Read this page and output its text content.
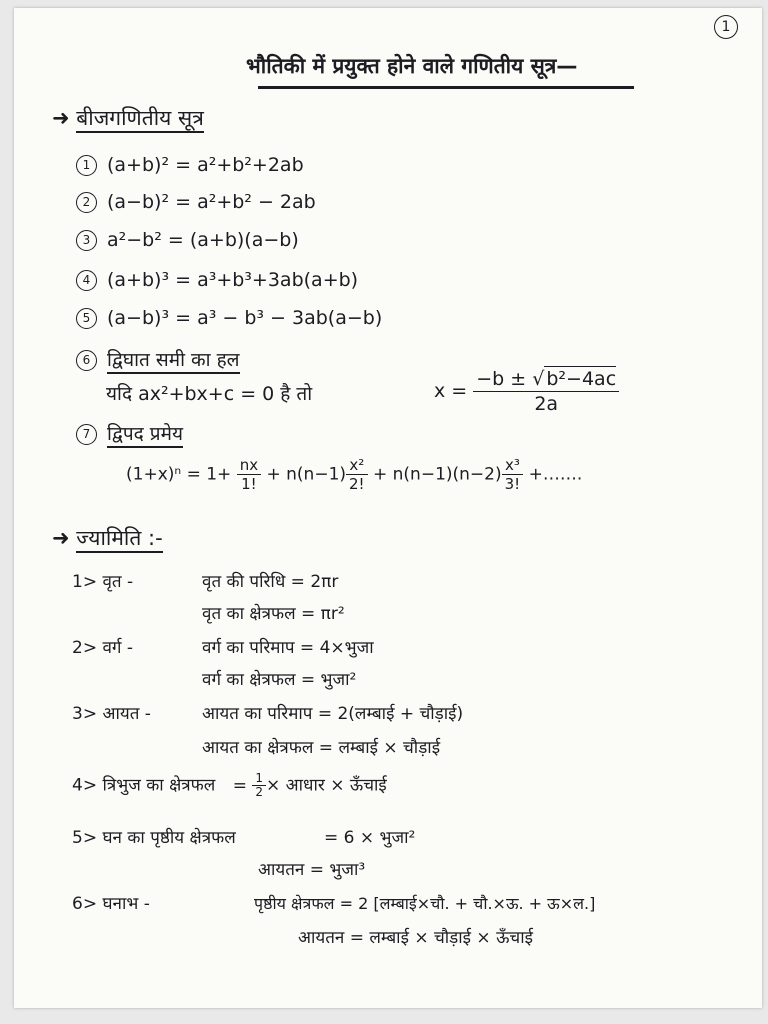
1
भौतिकी में प्रयुक्त होने वाले गणितीय सूत्र—
➜ बीजगणितीय सूत्र
1 (a+b)² = a²+b²+2ab
2 (a−b)² = a²+b² − 2ab
3 a²−b² = (a+b)(a−b)
4 (a+b)³ = a³+b³+3ab(a+b)
5 (a−b)³ = a³ − b³ − 3ab(a−b)
6 द्विघात समी का हल
यदि ax²+bx+c = 0 है तो	$x = \frac{\text{−b ± √ b²−4ac}}{2a}$
7 द्विपद प्रमेय
$(1+x)^n = 1+ \frac{nx}{1!} + n(n-1) \frac{\text{x²}}{2!} + n(n-1)(n-2) \frac{\text{x³}}{3!}$ +…….
➜ ज्यामिति :-
1> वृत -	वृत की परिधि = 2πr
वृत का क्षेत्रफल = πr²
2> वर्ग -	वर्ग का परिमाप = 4×भुजा
वर्ग का क्षेत्रफल = भुजा²
3> आयत -	आयत का परिमाप = 2(लम्बाई + चौड़ाई)
आयत का क्षेत्रफल = लम्बाई × चौड़ाई
4> त्रिभुज का क्षेत्रफल = $\frac{1}{2}$ × आधार × ऊँचाई
5> घन का पृष्ठीय क्षेत्रफल	= 6 × भुजा²
आयतन = भुजा³
6> घनाभ -	पृष्ठीय क्षेत्रफल = 2 [लम्बाई×चौ. + चौ.×ऊ. + ऊ×ल.]
आयतन = लम्बाई × चौड़ाई × ऊँचाई
